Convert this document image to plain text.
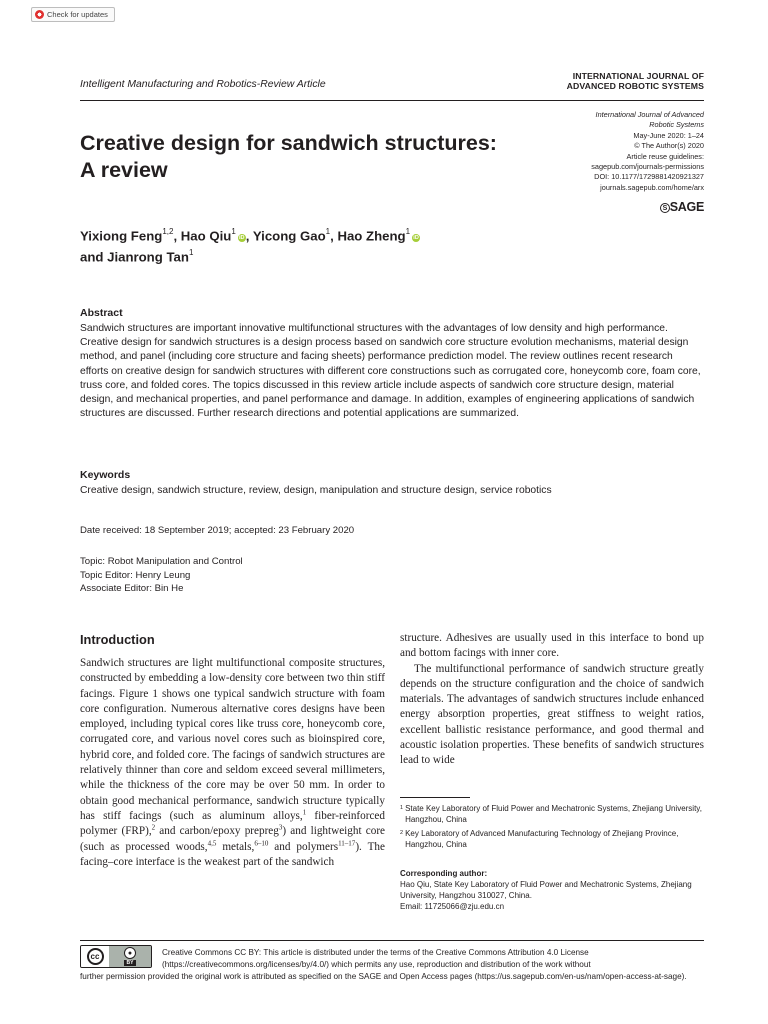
Check for updates
Intelligent Manufacturing and Robotics-Review Article
INTERNATIONAL JOURNAL OF
ADVANCED ROBOTIC SYSTEMS
International Journal of Advanced
Robotic Systems
May-June 2020: 1–24
© The Author(s) 2020
Article reuse guidelines:
sagepub.com/journals-permissions
DOI: 10.1177/1729881420921327
journals.sagepub.com/home/arx
S SAGE
Creative design for sandwich structures:
A review
Yixiong Feng$^{1,2}$, Hao Qiu$^1$iD, Yicong Gao$^1$, Hao Zheng$^1$iD
and Jianrong Tan$^1$
Abstract
Sandwich structures are important innovative multifunctional structures with the advantages of low density and high performance. Creative design for sandwich structures is a design process based on sandwich core structure evolution mechanisms, material design method, and panel (including core structure and facing sheets) performance prediction model. The review outlines recent research efforts on creative design for sandwich structures with different core constructions such as corrugated core, honeycomb core, foam core, truss core, and folded cores. The topics discussed in this review article include aspects of sandwich core structure design, material design, and mechanical properties, and panel performance and damage. In addition, examples of engineering applications of sandwich structures are discussed. Further research directions and potential applications are summarized.
Keywords
Creative design, sandwich structure, review, design, manipulation and structure design, service robotics
Date received: 18 September 2019; accepted: 23 February 2020
Topic: Robot Manipulation and Control
Topic Editor: Henry Leung
Associate Editor: Bin He
Introduction

Sandwich structures are light multifunctional composite structures, constructed by embedding a low-density core between two thin stiff facings. Figure 1 shows one typical sandwich structure with foam core configuration. Numerous alternative cores designs have been employed, including typical cores like truss core, honeycomb core, corrugated core, and various novel cores such as bioinspired core, hybrid core, and folded core. The facings of sandwich structures are relatively thinner than core and seldom exceed several millimeters, while the thickness of the core may be over 50 mm. In order to obtain good mechanical performance, sandwich structure typically has stiff facings (such as aluminum alloys,$^1$ fiber-reinforced polymer (FRP),$^2$ and carbon/epoxy prepreg$^3$) and lightweight core (such as processed woods,$^{4,5}$ metals,$^{6-10}$ and polymers$^{11-17}$). The facing–core interface is the weakest part of the sandwich

structure. Adhesives are usually used in this interface to bond up and bottom facings with inner core.

The multifunctional performance of sandwich structure greatly depends on the structure configuration and the choice of sandwich materials. The advantages of sandwich structures include enhanced energy absorption properties, great stiffness to weight ratios, excellent ballistic resistance performance, and good thermal and acoustic isolation properties. These benefits of sandwich structures lead to wide

1 State Key Laboratory of Fluid Power and Mechatronic Systems, Zhejiang University, Hangzhou, China
2 Key Laboratory of Advanced Manufacturing Technology of Zhejiang Province, Hangzhou, China
Corresponding author:
Hao Qiu, State Key Laboratory of Fluid Power and Mechatronic Systems, Zhejiang University, Hangzhou 310027, China.
Email: 11725066@zju.edu.cn
cc	●
BY
Creative Commons CC BY: This article is distributed under the terms of the Creative Commons Attribution 4.0 License (https://creativecommons.org/licenses/by/4.0/) which permits any use, reproduction and distribution of the work without
further permission provided the original work is attributed as specified on the SAGE and Open Access pages (https://us.sagepub.com/en-us/nam/open-access-at-sage).
